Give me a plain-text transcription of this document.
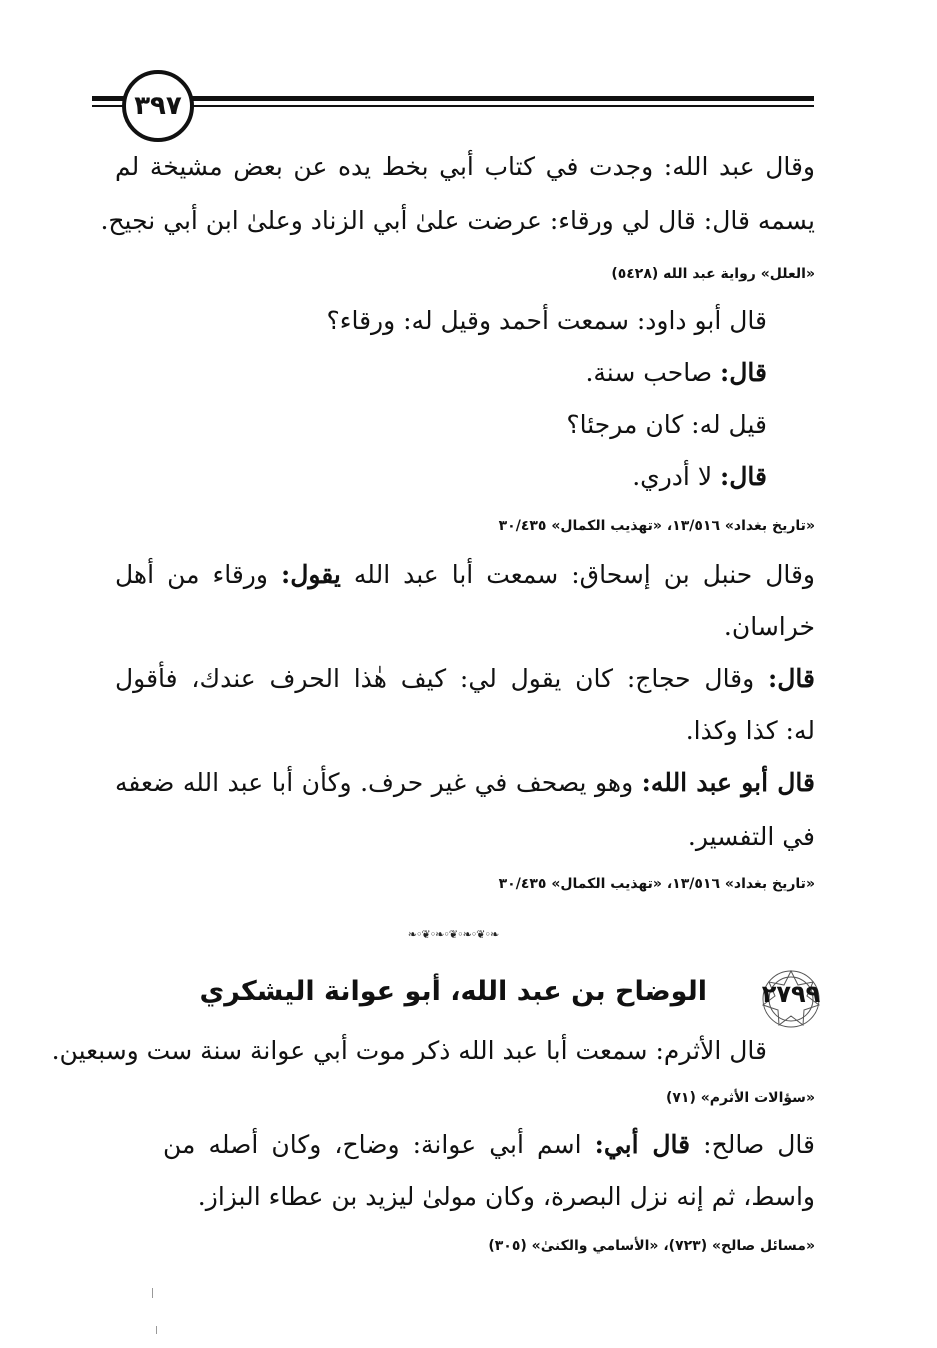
٣٩٧
وقال عبد الله: وجدت في كتاب أبي بخط يده عن بعض مشيخة لم
يسمه قال: قال لي ورقاء: عرضت علىٰ أبي الزناد وعلىٰ ابن أبي نجيح.
«العلل» رواية عبد الله (٥٤٢٨)
قال أبو داود: سمعت أحمد وقيل له: ورقاء؟
قال: صاحب سنة.
قيل له: كان مرجئا؟
قال: لا أدري.
«تاريخ بغداد» ١٣/٥١٦، «تهذيب الكمال» ٣٠/٤٣٥
وقال حنبل بن إسحاق: سمعت أبا عبد الله يقول: ورقاء من أهل
خراسان.
قال: وقال حجاج: كان يقول لي: كيف هٰذا الحرف عندك، فأقول
له: كذا وكذا.
قال أبو عبد الله: وهو يصحف في غير حرف. وكأن أبا عبد الله ضعفه
في التفسير.
«تاريخ بغداد» ١٣/٥١٦، «تهذيب الكمال» ٣٠/٤٣٥
❧◦❦◦❧◦❦◦❧◦❦◦❧
٢٧٩٩
الوضاح بن عبد الله، أبو عوانة اليشكري
قال الأثرم: سمعت أبا عبد الله ذكر موت أبي عوانة سنة ست وسبعين.
«سؤالات الأثرم» (٧١)
قال صالح: قال أبي: اسم أبي عوانة: وضاح، وكان أصله من
واسط، ثم إنه نزل البصرة، وكان مولىٰ ليزيد بن عطاء البزاز.
«مسائل صالح» (٧٢٣)، «الأسامي والكنىٰ» (٣٠٥)
